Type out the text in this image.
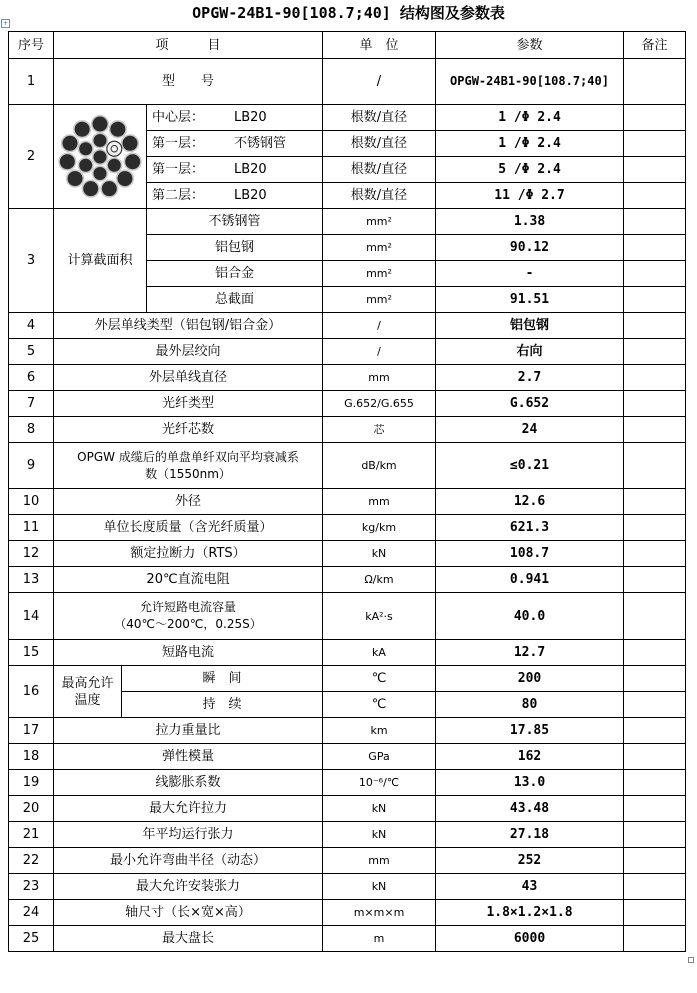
+
OPGW-24B1-90[108.7;40] 结构图及参数表
序号	项　　　目			单　位	参数	备注
1	型　　号			/	OPGW-24B1-90[108.7;40]	
2			中心层： LB20	根数/直径	1 /Φ 2.4	
			第一层： 不锈钢管	根数/直径	1 /Φ 2.4	
			第一层： LB20	根数/直径	5 /Φ 2.4	
			第二层： LB20	根数/直径	11 /Φ 2.7	
3	计算截面积		不锈钢管	mm²	1.38	
			铝包钢	mm²	90.12	
			铝合金	mm²	-	
			总截面	mm²	91.51	
4	外层单线类型（铝包钢/铝合金）			/	铝包钢	
5	最外层绞向			/	右向	
6	外层单线直径			mm	2.7	
7	光纤类型			G.652/G.655	G.652	
8	光纤芯数			芯	24	
9	OPGW 成缆后的单盘单纤双向平均衰减系
数（1550nm）			dB/km	≤0.21	
10	外径			mm	12.6	
11	单位长度质量（含光纤质量）			kg/km	621.3	
12	额定拉断力（RTS）			kN	108.7	
13	20℃直流电阻			Ω/km	0.941	
14	允许短路电流容量
（40℃～200℃，0.25S）			kA²·s	40.0	
15	短路电流			kA	12.7	
16	最高允许
温度	瞬　间		℃	200	
		持　续		℃	80	
17	拉力重量比			km	17.85	
18	弹性模量			GPa	162	
19	线膨胀系数			10⁻⁶/℃	13.0	
20	最大允许拉力			kN	43.48	
21	年平均运行张力			kN	27.18	
22	最小允许弯曲半径（动态）			mm	252	
23	最大允许安装张力			kN	43	
24	轴尺寸（长×宽×高）			m×m×m	1.8×1.2×1.8	
25	最大盘长			m	6000	
